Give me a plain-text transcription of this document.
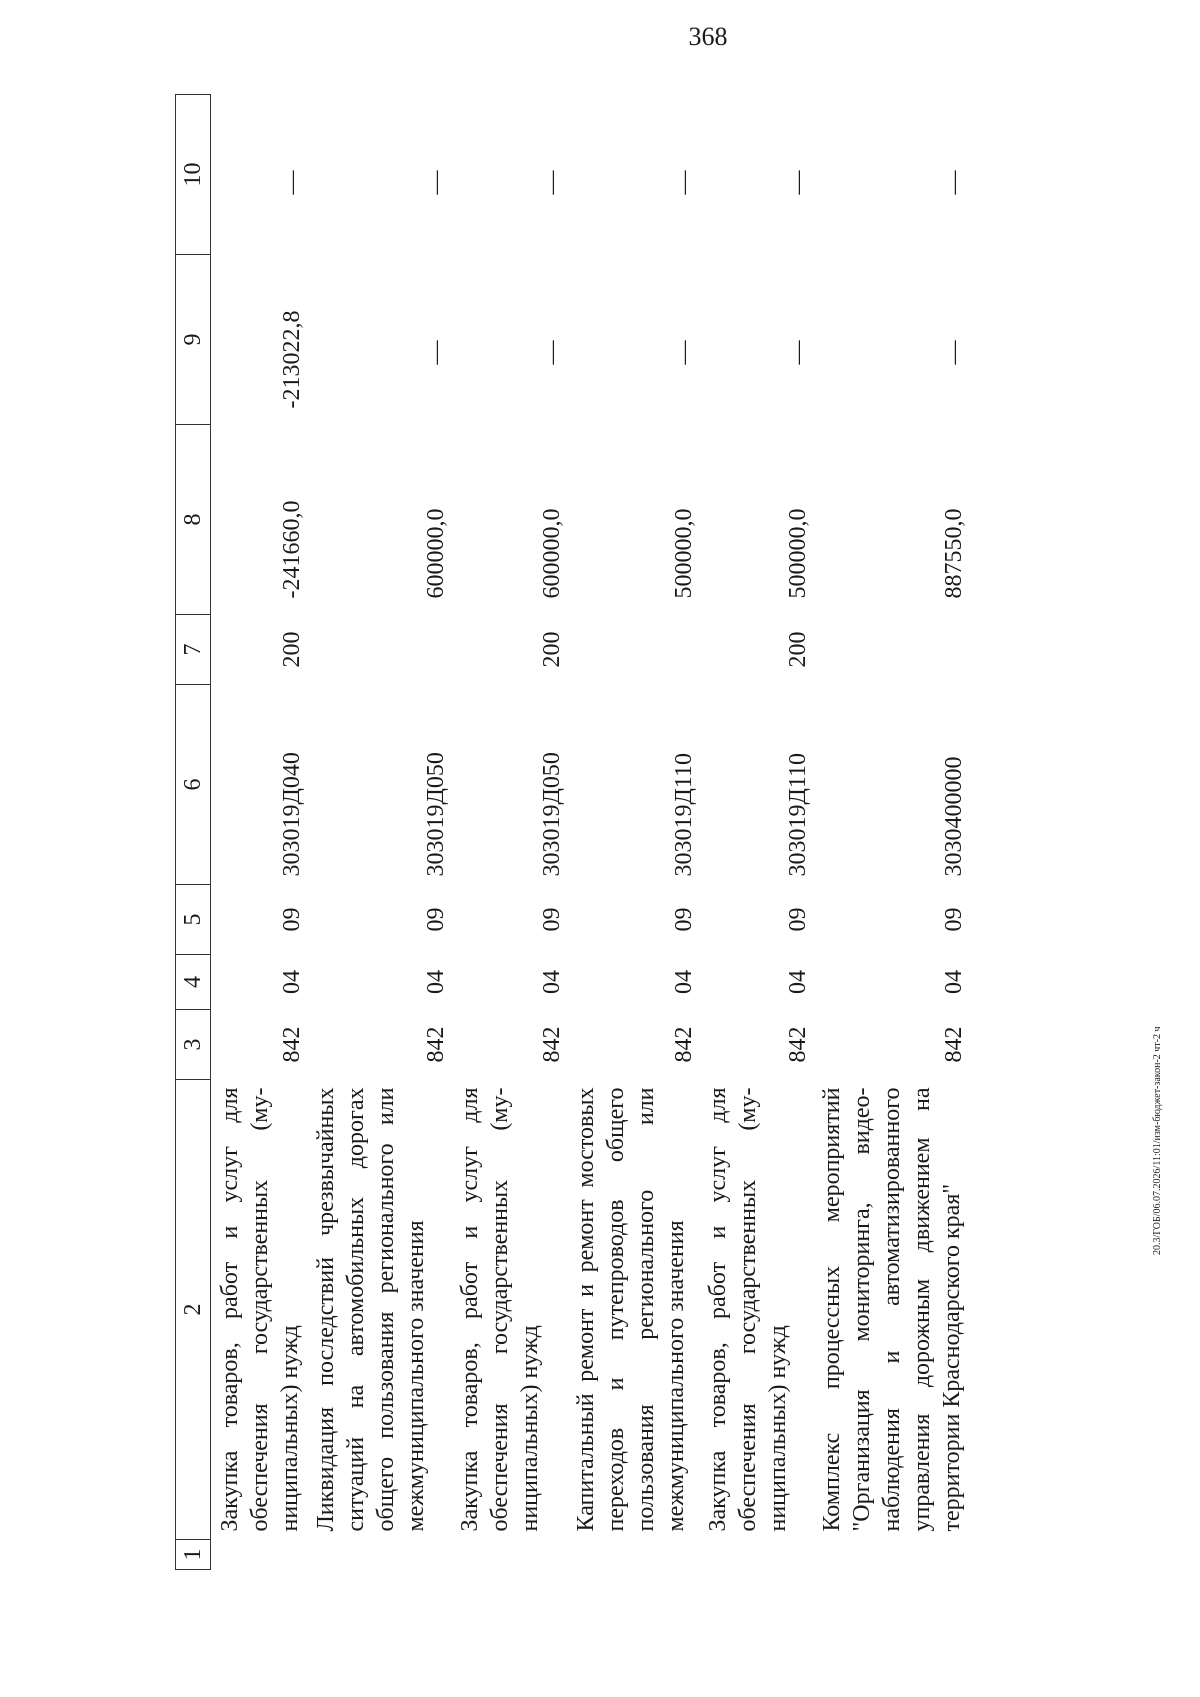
368
1	2	3	4	5	6	7	8	9	10
	Закупка товаров, работ и услуг для обеспечения государственных (муниципальных) нужд	842	04	09	303019Д040	200	-241660,0	-213022,8	—
	Ликвидация последствий чрезвычайных ситуаций на автомобильных дорогах общего пользования регионального или межмуниципального значения	842	04	09	303019Д050		600000,0	—	—
	Закупка товаров, работ и услуг для обеспечения государственных (муниципальных) нужд	842	04	09	303019Д050	200	600000,0	—	—
	Капитальный ремонт и ремонт мостовых переходов и путепроводов общего пользования регионального или межмуниципального значения	842	04	09	303019Д110		500000,0	—	—
	Закупка товаров, работ и услуг для обеспечения государственных (муниципальных) нужд	842	04	09	303019Д110	200	500000,0	—	—
	Комплекс процессных мероприятий "Организация мониторинга, видеонаблюдения и автоматизированного управления дорожным движением на территории Краснодарского края"	842	04	09	3030400000		887550,0	—	—
20.3/ГОБ/06.07.2026/11:01/изм-бюджет-закон-2 чт-2 ч
